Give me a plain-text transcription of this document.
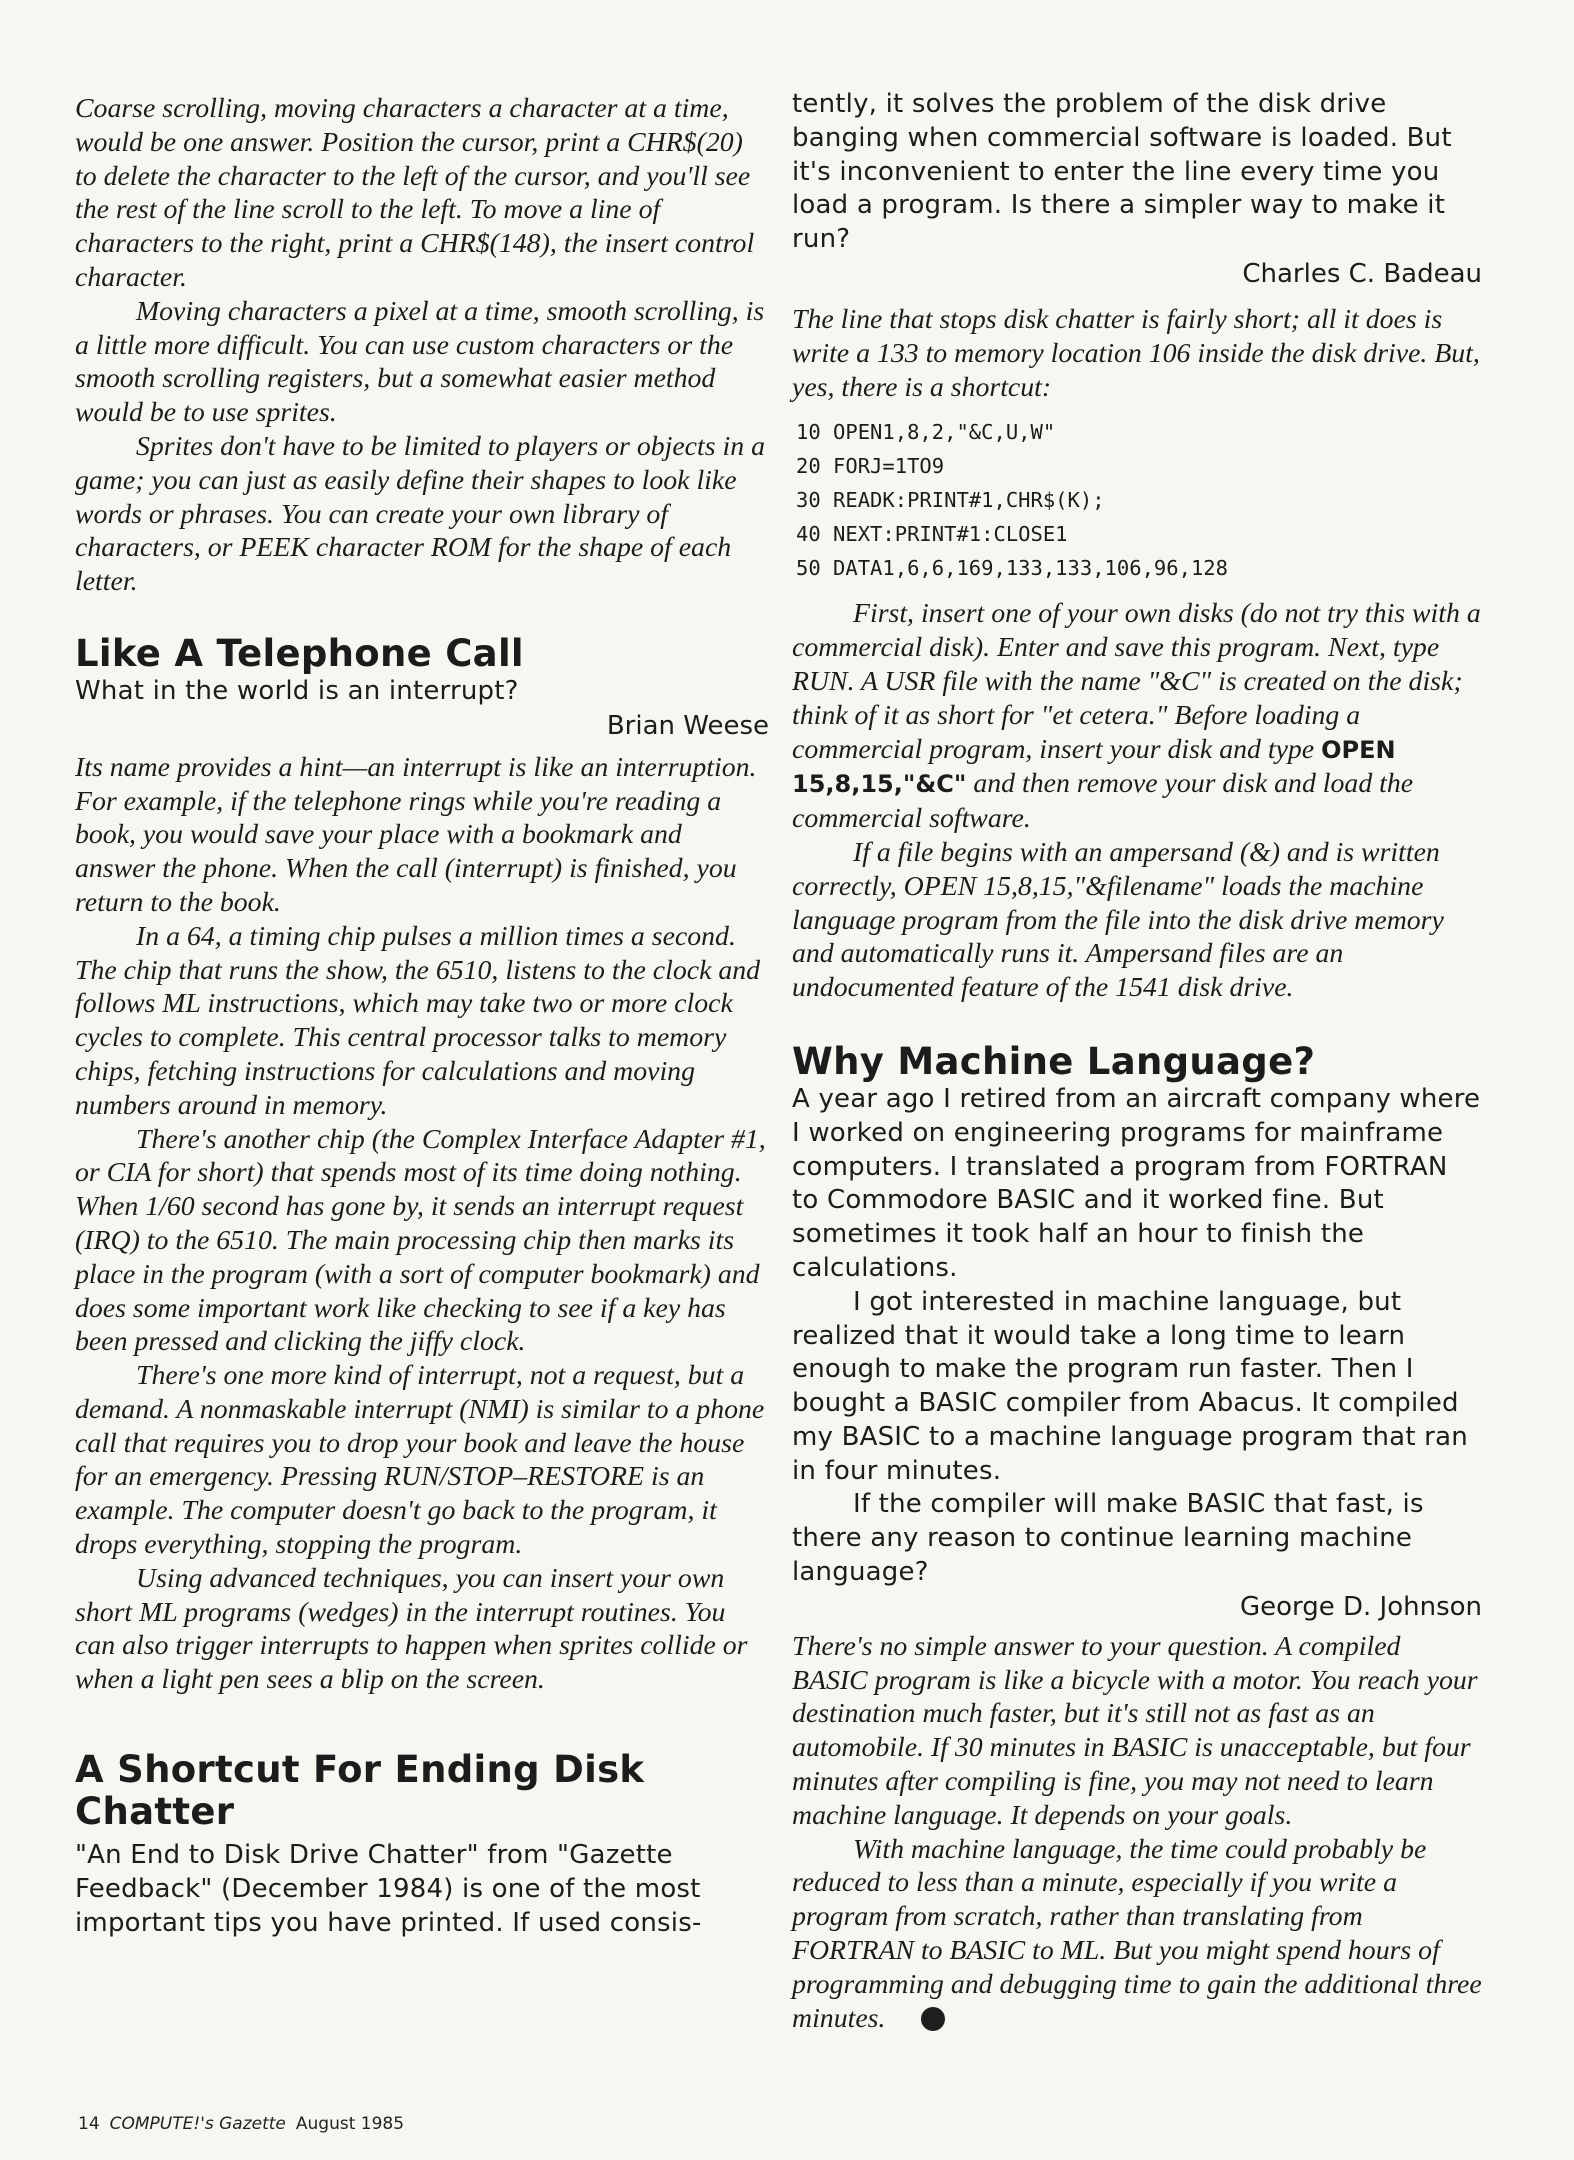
Coarse scrolling, moving characters a character at a time, would be one answer. Position the cursor, print a CHR$(20) to delete the character to the left of the cursor, and you'll see the rest of the line scroll to the left. To move a line of characters to the right, print a CHR$(148), the insert control character.

Moving characters a pixel at a time, smooth scrolling, is a little more difficult. You can use custom characters or the smooth scrolling registers, but a somewhat easier method would be to use sprites.

Sprites don't have to be limited to players or objects in a game; you can just as easily define their shapes to look like words or phrases. You can create your own library of characters, or PEEK character ROM for the shape of each letter.

Like A Telephone Call

What in the world is an interrupt?

Brian Weese

Its name provides a hint—an interrupt is like an interruption. For example, if the telephone rings while you're reading a book, you would save your place with a bookmark and answer the phone. When the call (interrupt) is finished, you return to the book.

In a 64, a timing chip pulses a million times a second. The chip that runs the show, the 6510, listens to the clock and follows ML instructions, which may take two or more clock cycles to complete. This central processor talks to memory chips, fetching instructions for calculations and moving numbers around in memory.

There's another chip (the Complex Interface Adapter #1, or CIA for short) that spends most of its time doing nothing. When 1/60 second has gone by, it sends an interrupt request (IRQ) to the 6510. The main processing chip then marks its place in the program (with a sort of computer bookmark) and does some important work like checking to see if a key has been pressed and clicking the jiffy clock.

There's one more kind of interrupt, not a request, but a demand. A nonmaskable interrupt (NMI) is similar to a phone call that requires you to drop your book and leave the house for an emergency. Pressing RUN/STOP–RESTORE is an example. The computer doesn't go back to the program, it drops everything, stopping the program.

Using advanced techniques, you can insert your own short ML programs (wedges) in the interrupt routines. You can also trigger interrupts to happen when sprites collide or when a light pen sees a blip on the screen.

A Shortcut For Ending Disk Chatter

"An End to Disk Drive Chatter" from "Gazette Feedback" (December 1984) is one of the most important tips you have printed. If used consis-

tently, it solves the problem of the disk drive banging when commercial software is loaded. But it's inconvenient to enter the line every time you load a program. Is there a simpler way to make it run?

Charles C. Badeau

The line that stops disk chatter is fairly short; all it does is write a 133 to memory location 106 inside the disk drive. But, yes, there is a shortcut:

10 OPEN1,8,2,"&C,U,W"
20 FORJ=1TO9
30 READK:PRINT#1,CHR$(K);
40 NEXT:PRINT#1:CLOSE1
50 DATA1,6,6,169,133,133,106,96,128

First, insert one of your own disks (do not try this with a commercial disk). Enter and save this program. Next, type RUN. A USR file with the name "&C" is created on the disk; think of it as short for "et cetera." Before loading a commercial program, insert your disk and type OPEN 15,8,15,"&C" and then remove your disk and load the commercial software.

If a file begins with an ampersand (&) and is written correctly, OPEN 15,8,15,"&filename" loads the machine language program from the file into the disk drive memory and automatically runs it. Ampersand files are an undocumented feature of the 1541 disk drive.

Why Machine Language?

A year ago I retired from an aircraft company where I worked on engineering programs for mainframe computers. I translated a program from FORTRAN to Commodore BASIC and it worked fine. But sometimes it took half an hour to finish the calculations.

I got interested in machine language, but realized that it would take a long time to learn enough to make the program run faster. Then I bought a BASIC compiler from Abacus. It compiled my BASIC to a machine language program that ran in four minutes.

If the compiler will make BASIC that fast, is there any reason to continue learning machine language?

George D. Johnson

There's no simple answer to your question. A compiled BASIC program is like a bicycle with a motor. You reach your destination much faster, but it's still not as fast as an automobile. If 30 minutes in BASIC is unacceptable, but four minutes after compiling is fine, you may not need to learn machine language. It depends on your goals.

With machine language, the time could probably be reduced to less than a minute, especially if you write a program from scratch, rather than translating from FORTRAN to BASIC to ML. But you might spend hours of programming and debugging time to gain the additional three minutes.

14 COMPUTE!'s Gazette August 1985
